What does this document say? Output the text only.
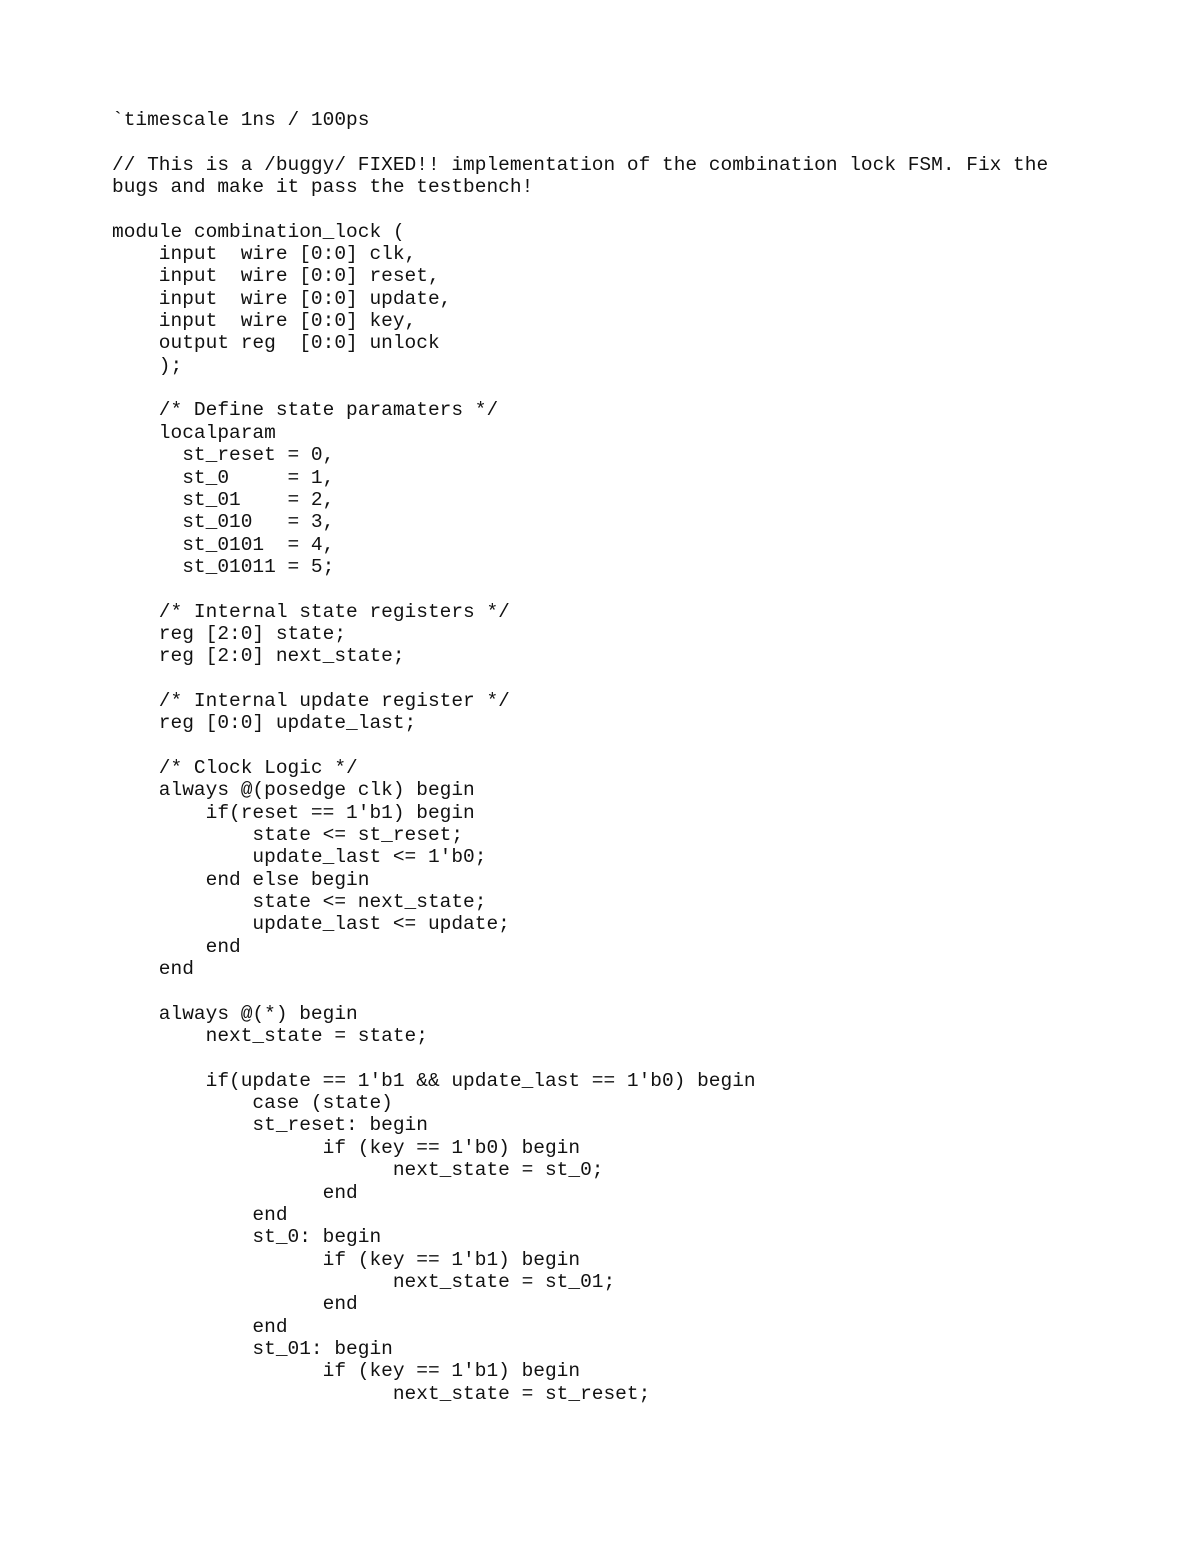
`timescale 1ns / 100ps
// This is a /buggy/ FIXED!! implementation of the combination lock FSM. Fix the
bugs and make it pass the testbench!
module combination_lock (
input  wire [0:0] clk,
input  wire [0:0] reset,
input  wire [0:0] update,
input  wire [0:0] key,
output reg  [0:0] unlock
);
/* Define state paramaters */
localparam
st_reset = 0,
st_0     = 1,
st_01    = 2,
st_010   = 3,
st_0101  = 4,
st_01011 = 5;
/* Internal state registers */
reg [2:0] state;
reg [2:0] next_state;
/* Internal update register */
reg [0:0] update_last;
/* Clock Logic */
always @(posedge clk) begin
if(reset == 1'b1) begin
state <= st_reset;
update_last <= 1'b0;
end else begin
state <= next_state;
update_last <= update;
end
end
always @(*) begin
next_state = state;
if(update == 1'b1 && update_last == 1'b0) begin
case (state)
st_reset: begin
if (key == 1'b0) begin
next_state = st_0;
end
end
st_0: begin
if (key == 1'b1) begin
next_state = st_01;
end
end
st_01: begin
if (key == 1'b1) begin
next_state = st_reset;
